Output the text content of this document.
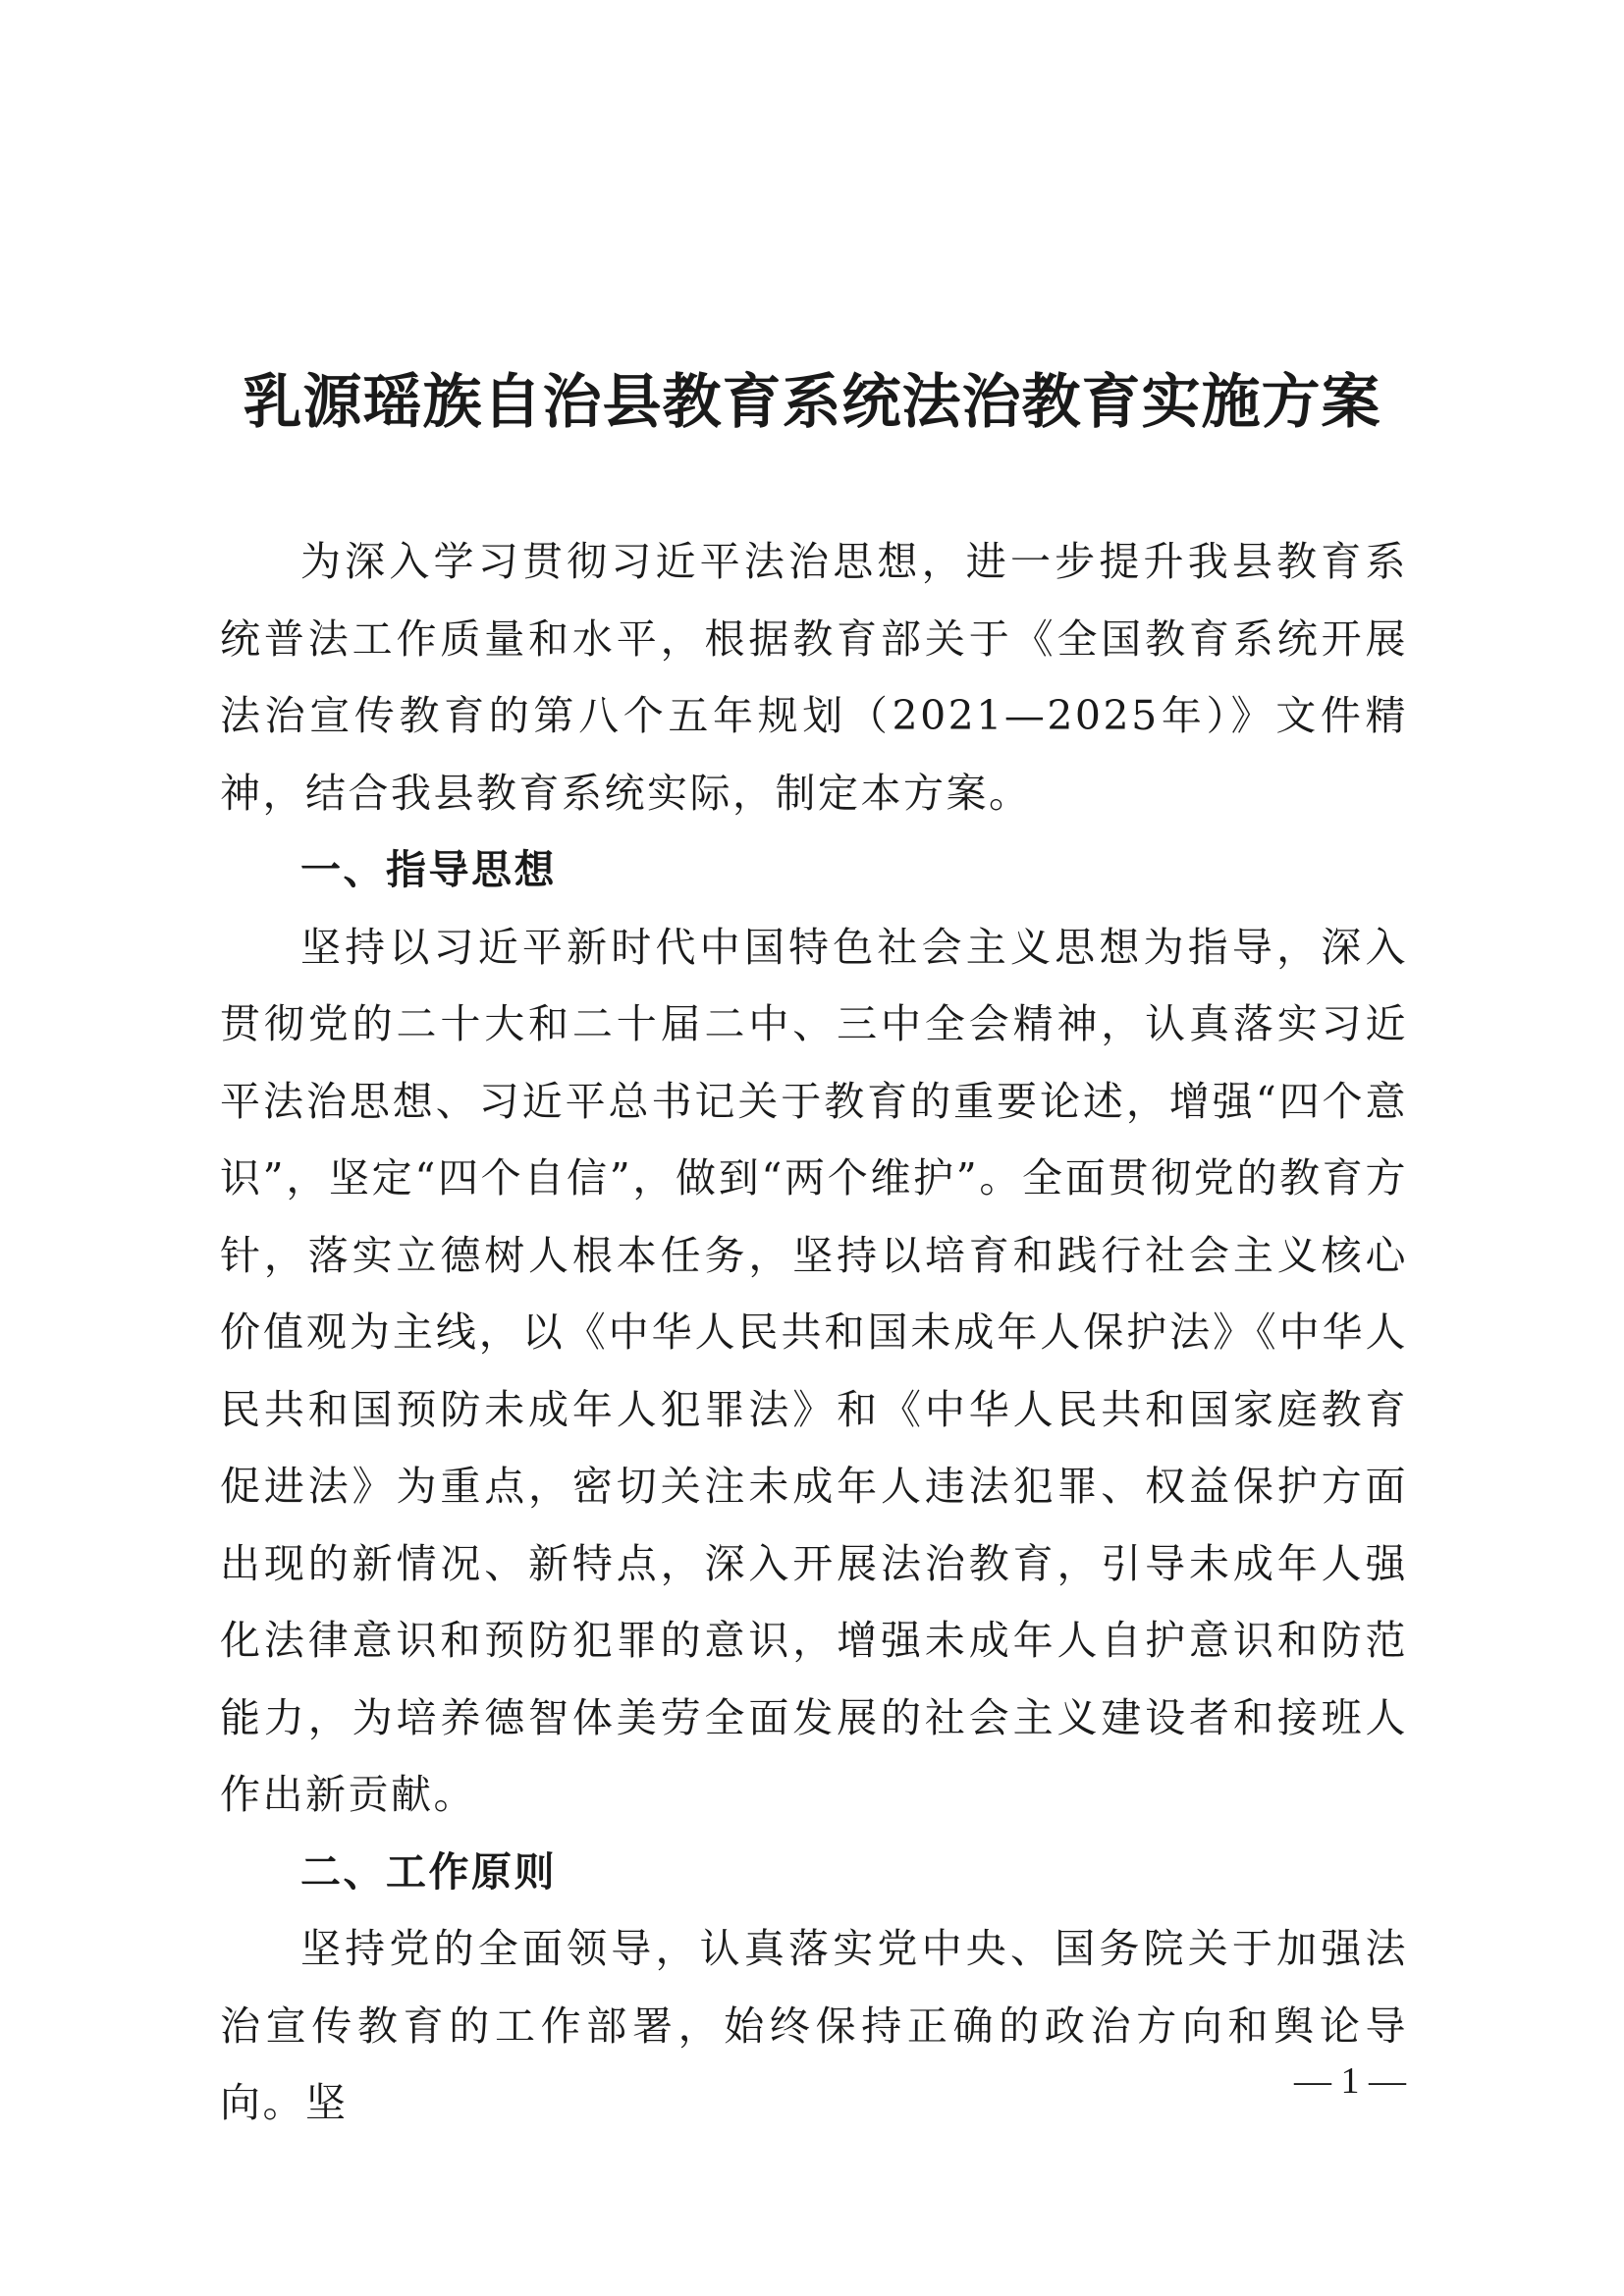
乳源瑶族自治县教育系统法治教育实施方案

为深入学习贯彻习近平法治思想，进一步提升我县教育系统普法工作质量和水平，根据教育部关于《全国教育系统开展法治宣传教育的第八个五年规划（2021—2025年）》文件精神，结合我县教育系统实际，制定本方案。

一、指导思想

坚持以习近平新时代中国特色社会主义思想为指导，深入贯彻党的二十大和二十届二中、三中全会精神，认真落实习近平法治思想、习近平总书记关于教育的重要论述，增强“四个意识”，坚定“四个自信”，做到“两个维护”。全面贯彻党的教育方针，落实立德树人根本任务，坚持以培育和践行社会主义核心价值观为主线，以《中华人民共和国未成年人保护法》《中华人民共和国预防未成年人犯罪法》和《中华人民共和国家庭教育促进法》为重点，密切关注未成年人违法犯罪、权益保护方面出现的新情况、新特点，深入开展法治教育，引导未成年人强化法律意识和预防犯罪的意识，增强未成年人自护意识和防范能力，为培养德智体美劳全面发展的社会主义建设者和接班人作出新贡献。

二、工作原则

坚持党的全面领导，认真落实党中央、国务院关于加强法治宣传教育的工作部署，始终保持正确的政治方向和舆论导向。坚	— 1 —
